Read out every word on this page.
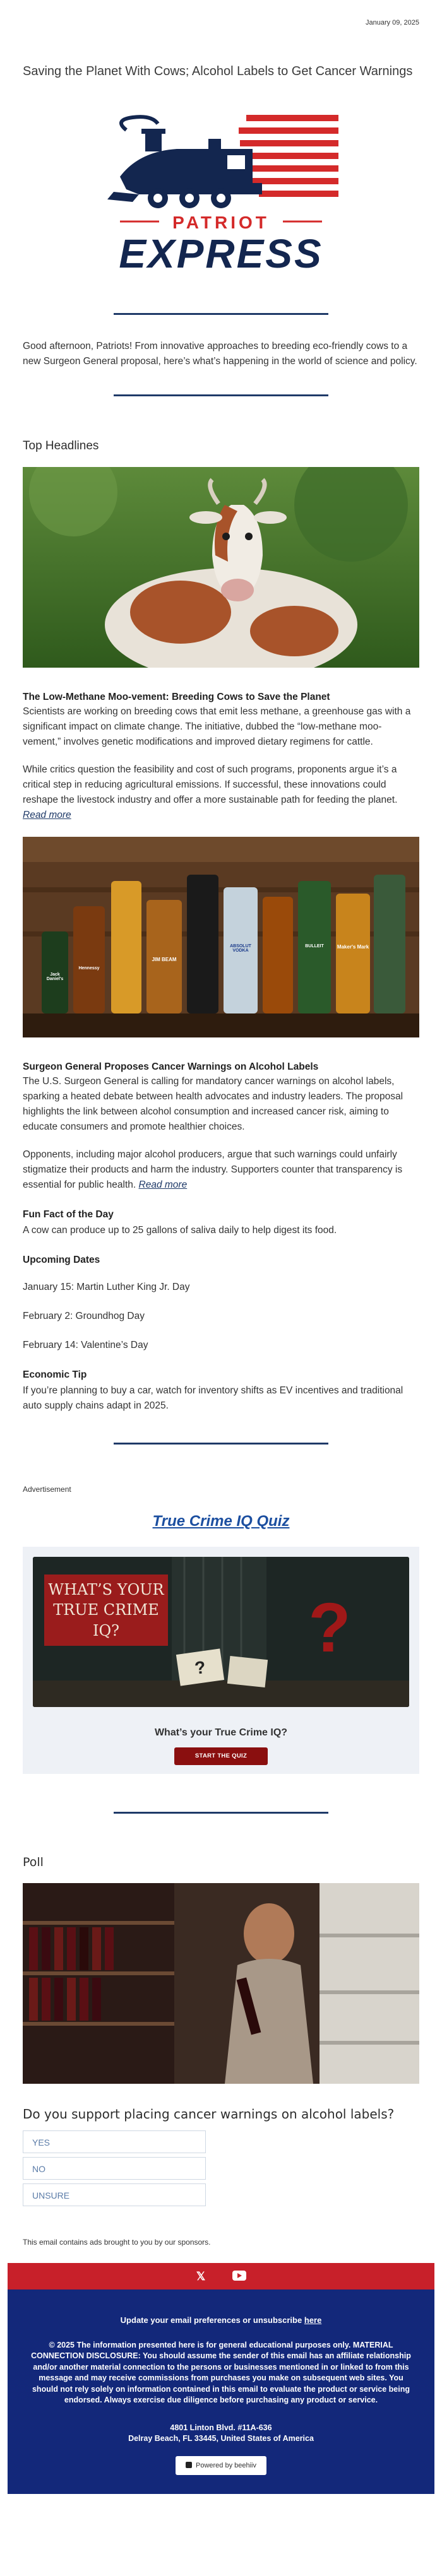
January 09, 2025
Saving the Planet With Cows; Alcohol Labels to Get Cancer Warnings
PATRIOT
EXPRESS
Good afternoon, Patriots! From innovative approaches to breeding eco-friendly cows to a new Surgeon General proposal, here’s what’s happening in the world of science and policy.
Top Headlines

The Low-Methane Moo-vement: Breeding Cows to Save the Planet

Scientists are working on breeding cows that emit less methane, a greenhouse gas with a significant impact on climate change. The initiative, dubbed the “low-methane moo-vement,” involves genetic modifications and improved dietary regimens for cattle.

While critics question the feasibility and cost of such programs, proponents argue it’s a critical step in reducing agricultural emissions. If successful, these innovations could reshape the livestock industry and offer a more sustainable path for feeding the planet.

Read more

Jack Daniel's
Hennessy
JIM BEAM
ABSOLUT VODKA
BULLEIT	Maker's Mark

Surgeon General Proposes Cancer Warnings on Alcohol Labels

The U.S. Surgeon General is calling for mandatory cancer warnings on alcohol labels, sparking a heated debate between health advocates and industry leaders. The proposal highlights the link between alcohol consumption and increased cancer risk, aiming to educate consumers and promote healthier choices.

Opponents, including major alcohol producers, argue that such warnings could unfairly stigmatize their products and harm the industry. Supporters counter that transparency is essential for public health. Read more

Fun Fact of the Day

A cow can produce up to 25 gallons of saliva daily to help digest its food.

Upcoming Dates

January 15: Martin Luther King Jr. Day

February 2: Groundhog Day

February 14: Valentine’s Day

Economic Tip

If you’re planning to buy a car, watch for inventory shifts as EV incentives and traditional auto supply chains adapt in 2025.

Advertisement
True Crime IQ Quiz
?
?
WHAT’S YOUR TRUE CRIME IQ?
What’s your True Crime IQ?
START THE QUIZ
Poll

Do you support placing cancer warnings on alcohol labels?

YES
NO
UNSURE
This email contains ads brought to you by our sponsors.
𝕏
Update your email preferences or unsubscribe here
© 2025 The information presented here is for general educational purposes only. MATERIAL CONNECTION DISCLOSURE: You should assume the sender of this email has an affiliate relationship and/or another material connection to the persons or businesses mentioned in or linked to from this message and may receive commissions from purchases you make on subsequent web sites. You should not rely solely on information contained in this email to evaluate the product or service being endorsed. Always exercise due diligence before purchasing any product or service.
4801 Linton Blvd. #11A-636
Delray Beach, FL 33445, United States of America
Powered by beehiiv
